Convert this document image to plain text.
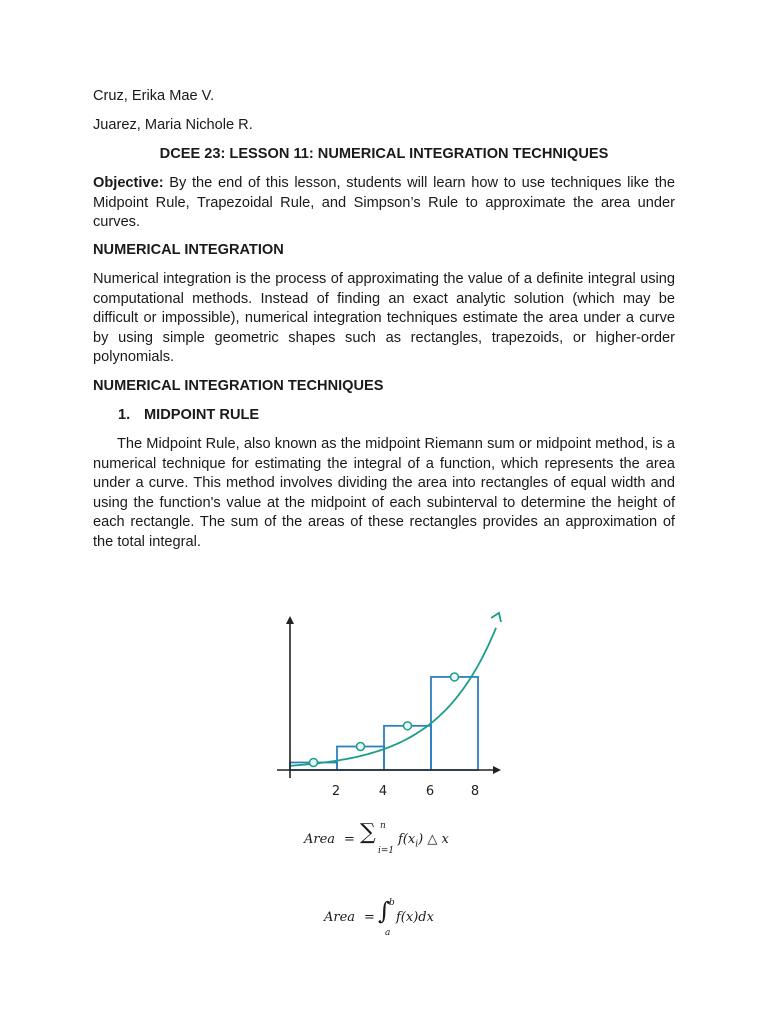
Cruz, Erika Mae V.

Juarez, Maria Nichole R.

DCEE 23: LESSON 11: NUMERICAL INTEGRATION TECHNIQUES

Objective: By the end of this lesson, students will learn how to use techniques like the Midpoint Rule, Trapezoidal Rule, and Simpson’s Rule to approximate the area under curves.

NUMERICAL INTEGRATION

Numerical integration is the process of approximating the value of a definite integral using computational methods. Instead of finding an exact analytic solution (which may be difficult or impossible), numerical integration techniques estimate the area under a curve by using simple geometric shapes such as rectangles, trapezoids, or higher-order polynomials.

NUMERICAL INTEGRATION TECHNIQUES

1. MIDPOINT RULE

The Midpoint Rule, also known as the midpoint Riemann sum or midpoint method, is a numerical technique for estimating the integral of a function, which represents the area under a curve. This method involves dividing the area into rectangles of equal width and using the function's value at the midpoint of each subinterval to determine the height of each rectangle. The sum of the areas of these rectangles provides an approximation of the total integral.

2	4	6	8
Area = ∑ n
i=1
$f(x_i)$ △ x
Area = ∫
b
a
f(x)dx
